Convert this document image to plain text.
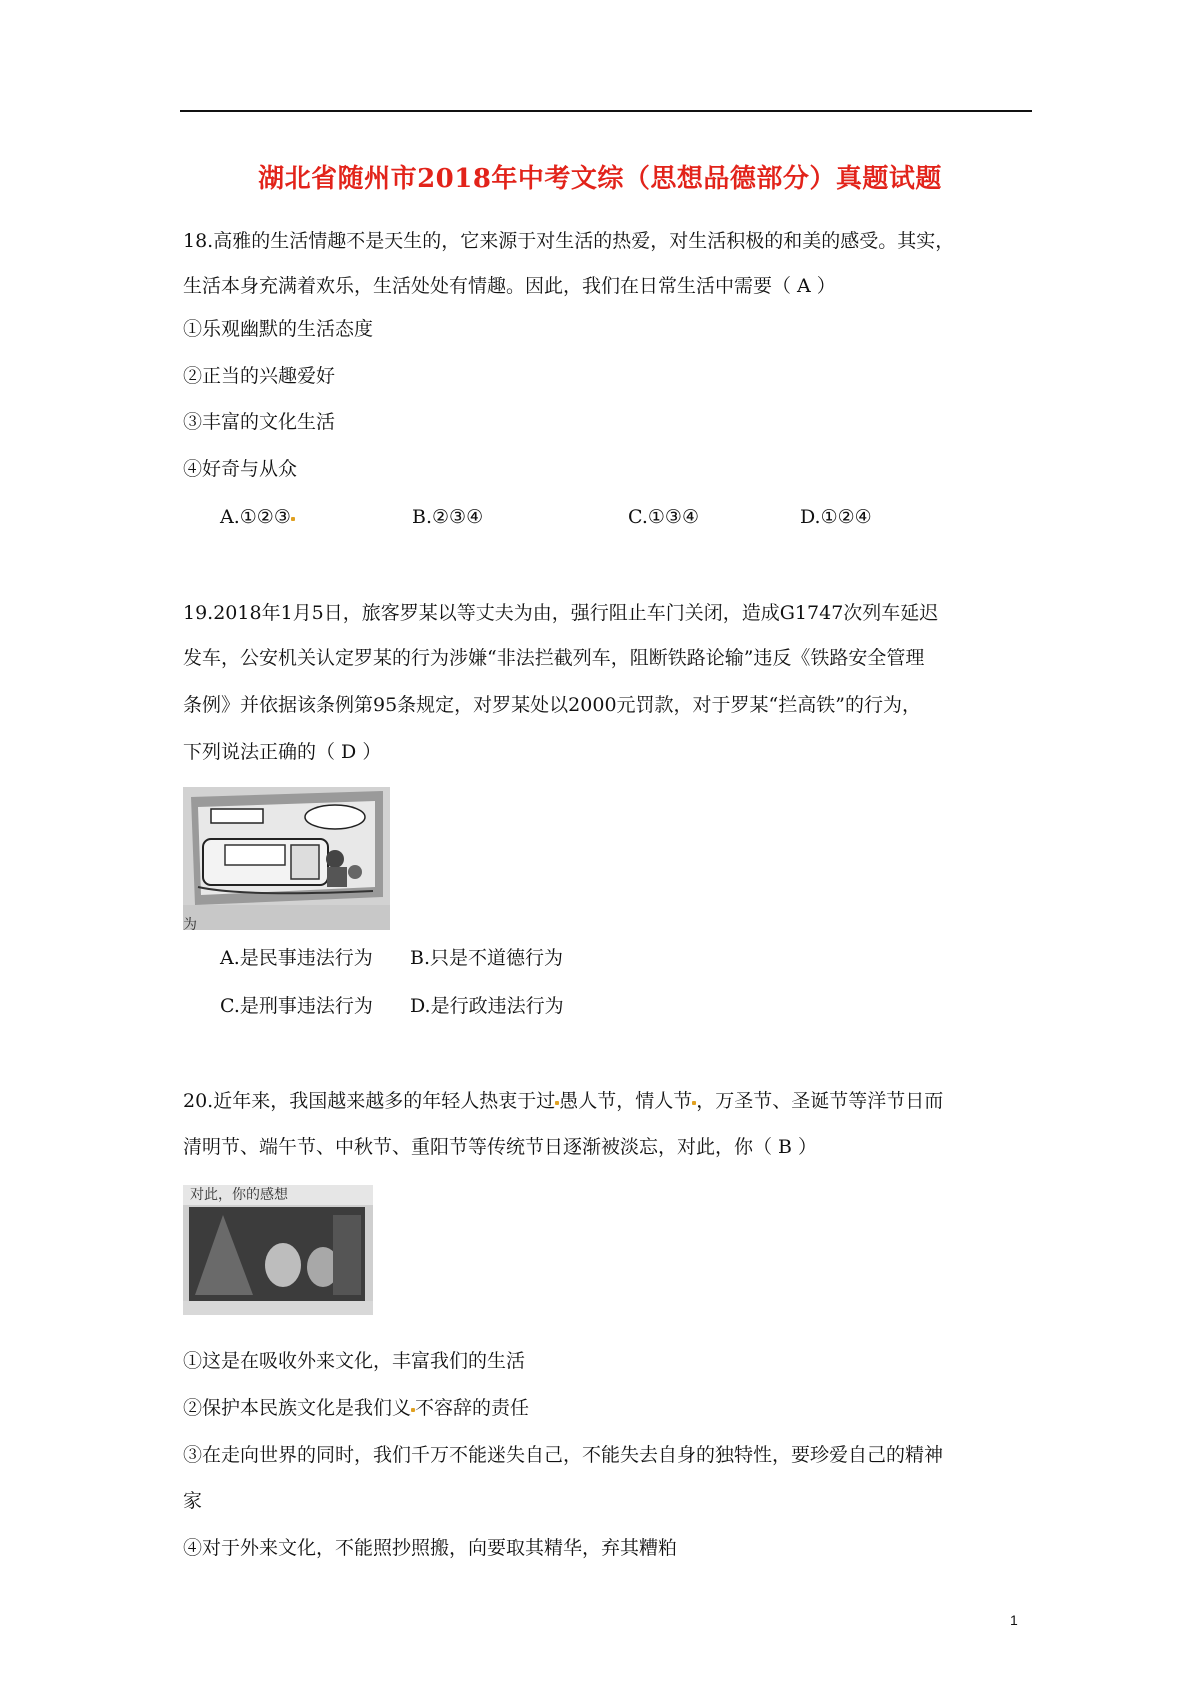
湖北省随州市2018年中考文综（思想品德部分）真题试题
18.高雅的生活情趣不是天生的，它来源于对生活的热爱，对生活积极的和美的感受。其实，
生活本身充满着欢乐，生活处处有情趣。因此，我们在日常生活中需要（ A ）
①乐观幽默的生活态度
②正当的兴趣爱好
③丰富的文化生活
④好奇与从众
A.①②③	B.②③④	C.①③④	D.①②④
19.2018年1月5日，旅客罗某以等丈夫为由，强行阻止车门关闭，造成G1747次列车延迟
发车，公安机关认定罗某的行为涉嫌“非法拦截列车，阻断铁路论输”违反《铁路安全管理
条例》并依据该条例第95条规定，对罗某处以2000元罚款，对于罗某“拦高铁”的行为，
下列说法正确的（ D ）
为
A.是民事违法行为 B.只是不道德行为
C.是刑事违法行为 D.是行政违法行为
20.近年来，我国越来越多的年轻人热衷于过 愚人节，情人节 ，万圣节、圣诞节等洋节日而
清明节、端午节、中秋节、重阳节等传统节日逐渐被淡忘，对此，你（ B ）
对此，你的感想
①这是在吸收外来文化，丰富我们的生活
②保护本民族文化是我们义 不容辞的责任
③在走向世界的同时，我们千万不能迷失自己，不能失去自身的独特性，要珍爱自己的精神
家
④对于外来文化，不能照抄照搬，向要取其精华，弃其糟粕
1
